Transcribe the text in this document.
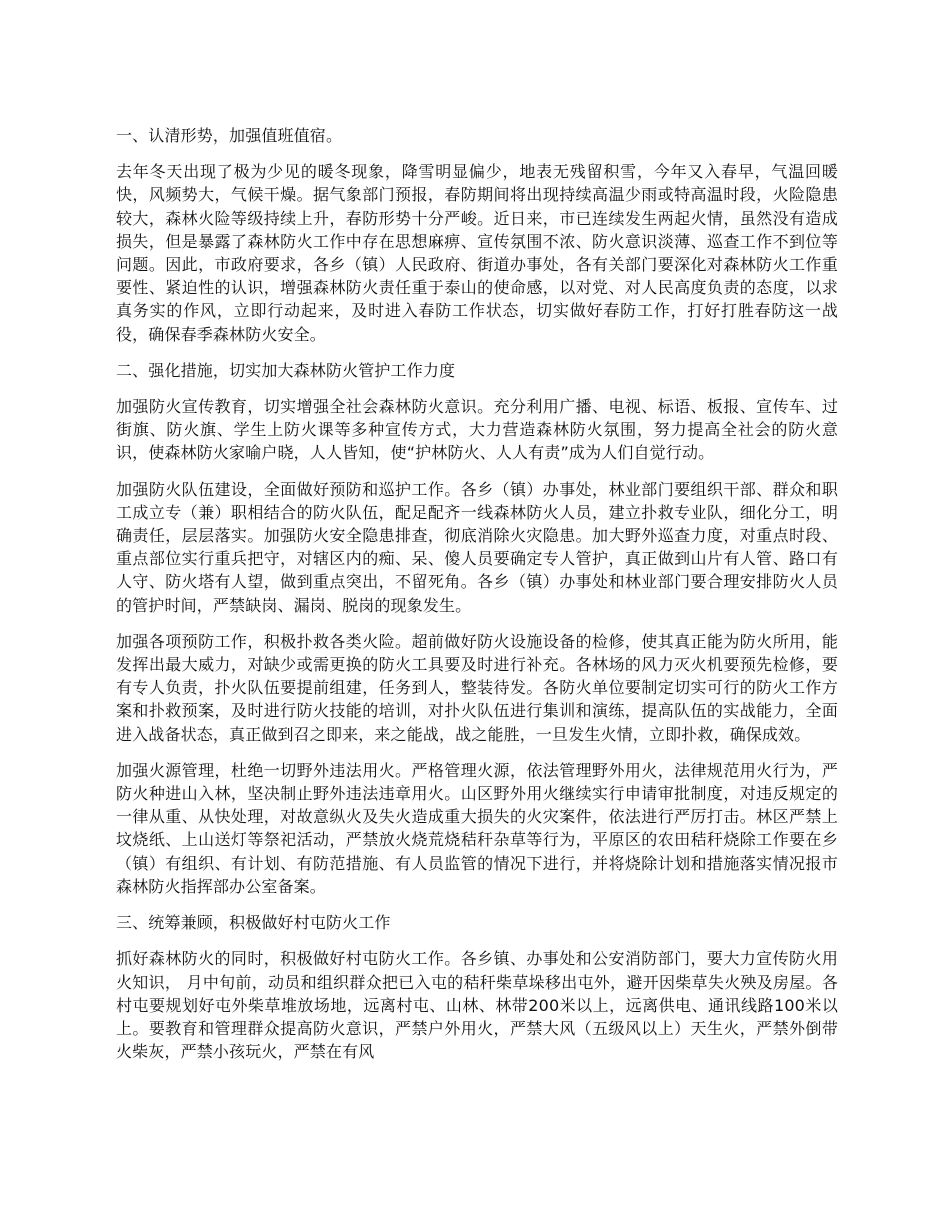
一、认清形势，加强值班值宿。

去年冬天出现了极为少见的暖冬现象，降雪明显偏少，地表无残留积雪，今年又入春早，气温回暖快，风频势大，气候干燥。据气象部门预报，春防期间将出现持续高温少雨或特高温时段，火险隐患较大，森林火险等级持续上升，春防形势十分严峻。近日来，市已连续发生两起火情，虽然没有造成损失，但是暴露了森林防火工作中存在思想麻痹、宣传氛围不浓、防火意识淡薄、巡查工作不到位等问题。因此，市政府要求，各乡（镇）人民政府、街道办事处，各有关部门要深化对森林防火工作重要性、紧迫性的认识，增强森林防火责任重于泰山的使命感，以对党、对人民高度负责的态度，以求真务实的作风，立即行动起来，及时进入春防工作状态，切实做好春防工作，打好打胜春防这一战役，确保春季森林防火安全。

二、强化措施，切实加大森林防火管护工作力度

加强防火宣传教育，切实增强全社会森林防火意识。充分利用广播、电视、标语、板报、宣传车、过街旗、防火旗、学生上防火课等多种宣传方式，大力营造森林防火氛围，努力提高全社会的防火意识，使森林防火家喻户晓，人人皆知，使“护林防火、人人有责”成为人们自觉行动。

加强防火队伍建设，全面做好预防和巡护工作。各乡（镇）办事处，林业部门要组织干部、群众和职工成立专（兼）职相结合的防火队伍，配足配齐一线森林防火人员，建立扑救专业队，细化分工，明确责任，层层落实。加强防火安全隐患排查，彻底消除火灾隐患。加大野外巡查力度，对重点时段、重点部位实行重兵把守，对辖区内的痴、呆、傻人员要确定专人管护，真正做到山片有人管、路口有人守、防火塔有人望，做到重点突出，不留死角。各乡（镇）办事处和林业部门要合理安排防火人员的管护时间，严禁缺岗、漏岗、脱岗的现象发生。

加强各项预防工作，积极扑救各类火险。超前做好防火设施设备的检修，使其真正能为防火所用，能发挥出最大威力，对缺少或需更换的防火工具要及时进行补充。各林场的风力灭火机要预先检修，要有专人负责，扑火队伍要提前组建，任务到人，整装待发。各防火单位要制定切实可行的防火工作方案和扑救预案，及时进行防火技能的培训，对扑火队伍进行集训和演练，提高队伍的实战能力，全面进入战备状态，真正做到召之即来，来之能战，战之能胜，一旦发生火情，立即扑救，确保成效。

加强火源管理，杜绝一切野外违法用火。严格管理火源，依法管理野外用火，法律规范用火行为，严防火种进山入林，坚决制止野外违法违章用火。山区野外用火继续实行申请审批制度，对违反规定的一律从重、从快处理，对故意纵火及失火造成重大损失的火灾案件，依法进行严厉打击。林区严禁上坟烧纸、上山送灯等祭祀活动，严禁放火烧荒烧秸秆杂草等行为，平原区的农田秸秆烧除工作要在乡（镇）有组织、有计划、有防范措施、有人员监管的情况下进行，并将烧除计划和措施落实情况报市森林防火指挥部办公室备案。

三、统筹兼顾，积极做好村屯防火工作

抓好森林防火的同时，积极做好村屯防火工作。各乡镇、办事处和公安消防部门，要大力宣传防火用火知识， 月中旬前，动员和组织群众把已入屯的秸秆柴草垛移出屯外，避开因柴草失火殃及房屋。各村屯要规划好屯外柴草堆放场地，远离村屯、山林、林带200米以上，远离供电、通讯线路100米以上。要教育和管理群众提高防火意识，严禁户外用火，严禁大风（五级风以上）天生火，严禁外倒带火柴灰，严禁小孩玩火，严禁在有风
